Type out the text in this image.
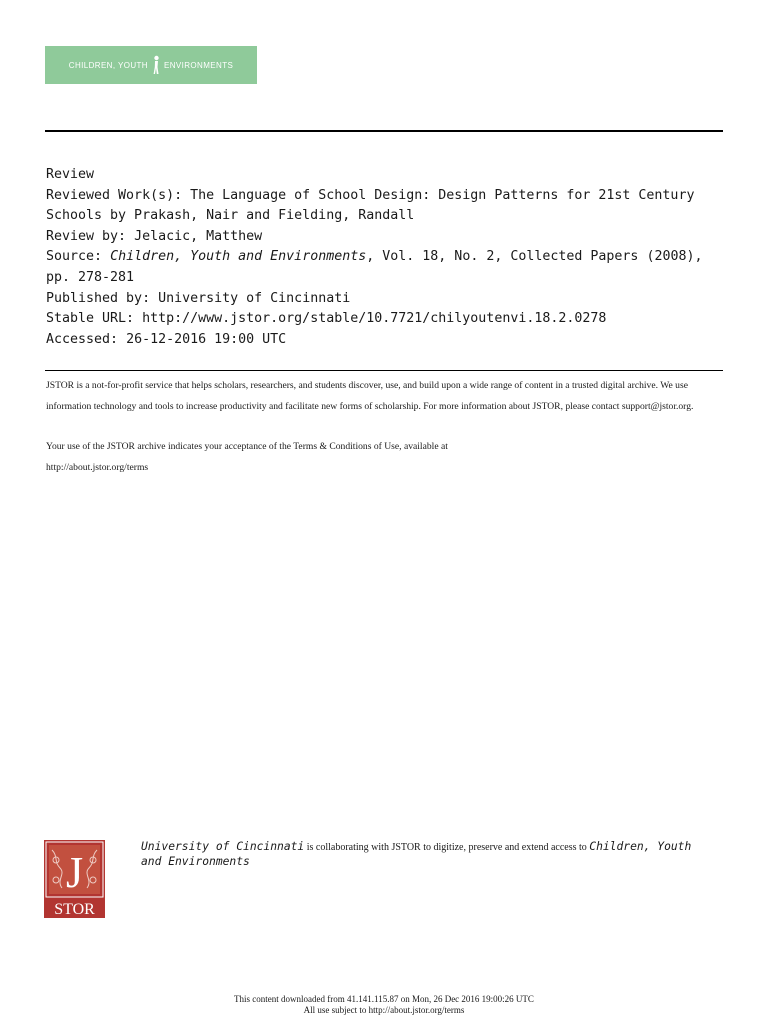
CHILDREN, YOUTH ENVIRONMENTS

Review

Reviewed Work(s): The Language of School Design: Design Patterns for 21st Century Schools by Prakash, Nair and Fielding, Randall

Review by: Jelacic, Matthew

Source: Children, Youth and Environments, Vol. 18, No. 2, Collected Papers (2008), pp. 278-281

Published by: University of Cincinnati

Stable URL: http://www.jstor.org/stable/10.7721/chilyoutenvi.18.2.0278

Accessed: 26-12-2016 19:00 UTC

JSTOR is a not-for-profit service that helps scholars, researchers, and students discover, use, and build upon a wide range of content in a trusted digital archive. We use information technology and tools to increase productivity and facilitate new forms of scholarship. For more information about JSTOR, please contact support@jstor.org.

Your use of the JSTOR archive indicates your acceptance of the Terms & Conditions of Use, available at
http://about.jstor.org/terms

J
STOR
University of Cincinnati is collaborating with JSTOR to digitize, preserve and extend access to Children, Youth and Environments

This content downloaded from 41.141.115.87 on Mon, 26 Dec 2016 19:00:26 UTC

All use subject to http://about.jstor.org/terms
